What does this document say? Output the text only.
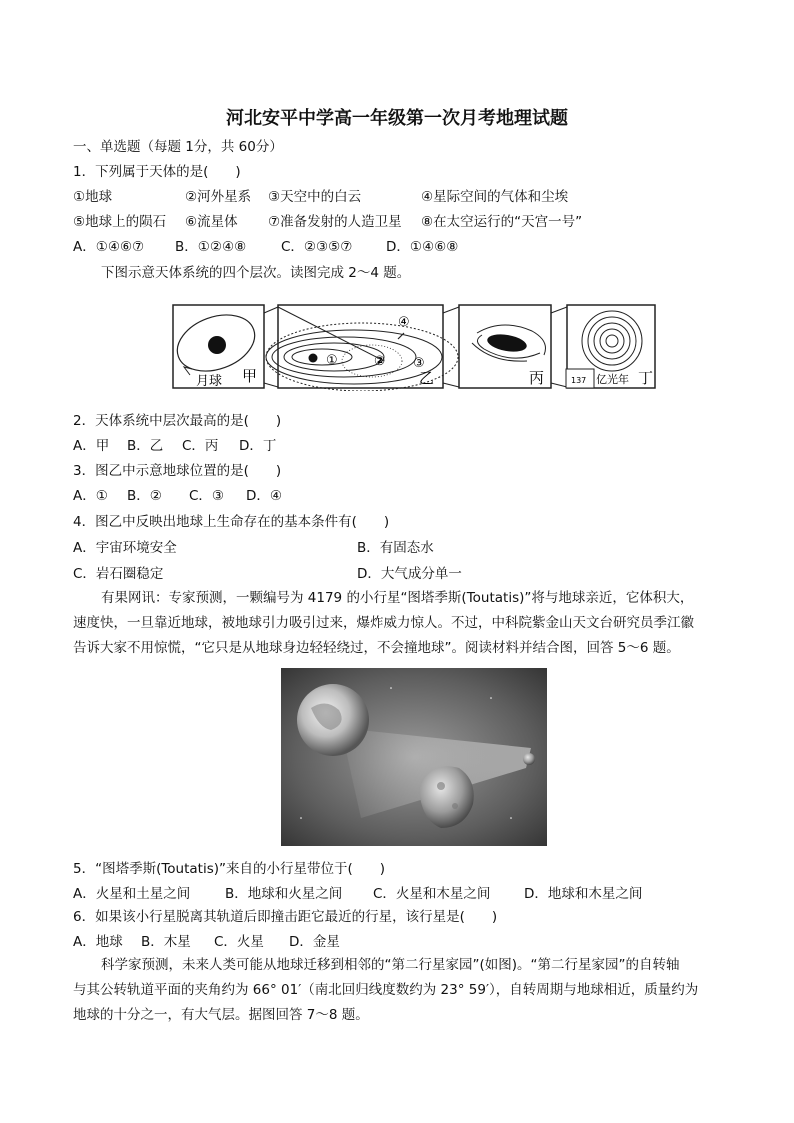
河北安平中学高一年级第一次月考地理试题
一、单选题（每题 1分，共 60分）
1．下列属于天体的是(　　)
①地球	②河外星系 ③天空中的白云	④星际空间的气体和尘埃
⑤地球上的陨石 ⑥流星体 ⑦准备发射的人造卫星 ⑧在太空运行的“天宫一号”
A．①④⑥⑦ B．①②④⑧	C．②③⑤⑦ D．①④⑥⑧
下图示意天体系统的四个层次。读图完成 2～4 题。
月球 甲
①	② ③
④
乙	丙	137 亿光年 丁
2．天体系统中层次最高的是(　　)
A．甲 B．乙 C．丙 D．丁
3．图乙中示意地球位置的是(　　)
A．① B．② C．③ D．④
4．图乙中反映出地球上生命存在的基本条件有(　　)
A．宇宙环境安全	B．有固态水
C．岩石圈稳定	D．大气成分单一
有果网讯：专家预测，一颗编号为 4179 的小行星“图塔季斯(Toutatis)”将与地球亲近，它体积大，
速度快，一旦靠近地球，被地球引力吸引过来，爆炸威力惊人。不过，中科院紫金山天文台研究员季江徽
告诉大家不用惊慌，“它只是从地球身边轻轻绕过，不会撞地球”。阅读材料并结合图，回答 5～6 题。
5．“图塔季斯(Toutatis)”来自的小行星带位于(　　)
A．火星和土星之间	B．地球和火星之间 C．火星和木星之间 D．地球和木星之间
6．如果该小行星脱离其轨道后即撞击距它最近的行星，该行星是(　　)
A．地球 B．木星 C．火星 D．金星
科学家预测，未来人类可能从地球迁移到相邻的“第二行星家园”(如图)。“第二行星家园”的自转轴
与其公转轨道平面的夹角约为 66° 01′（南北回归线度数约为 23° 59′），自转周期与地球相近，质量约为
地球的十分之一，有大气层。据图回答 7～8 题。
